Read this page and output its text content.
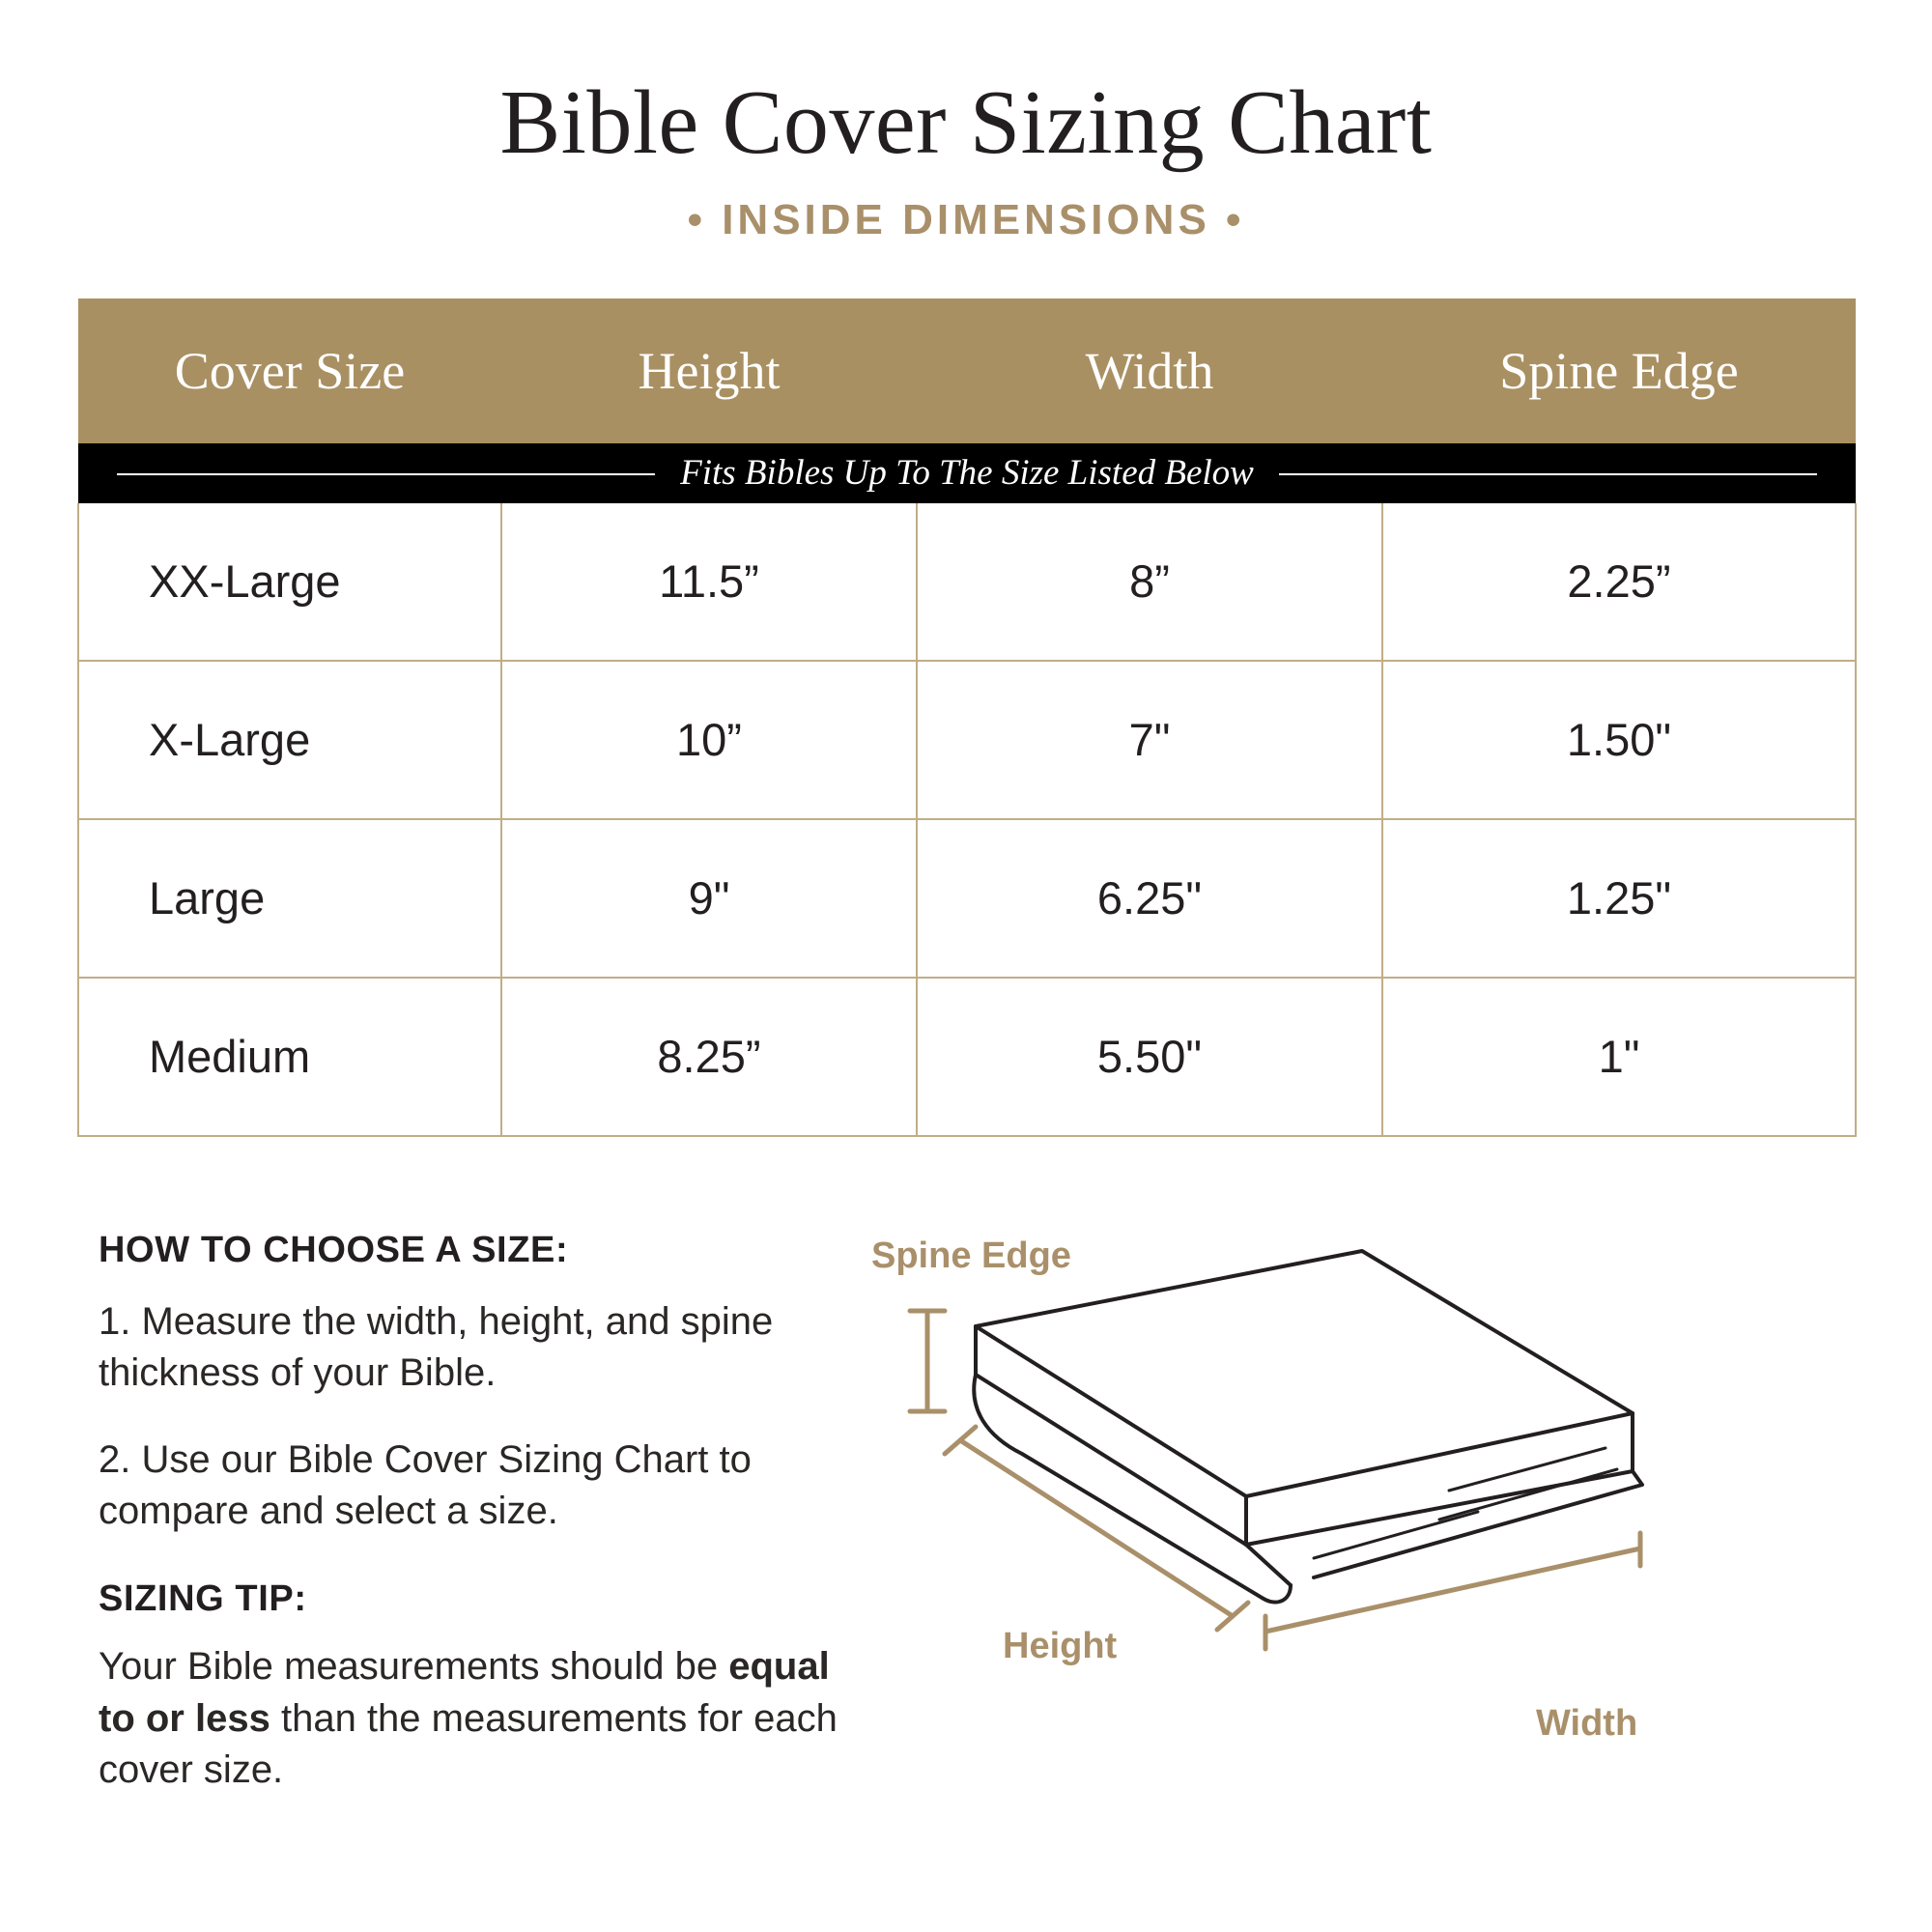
Bible Cover Sizing Chart
• INSIDE DIMENSIONS •
Cover Size	Height	Width	Spine Edge

Fits Bibles Up To The Size Listed Below			

XX-Large	11.5”	8”	2.25”
X-Large	10”	7"	1.50"
Large	9"	6.25"	1.25"
Medium	8.25”	5.50"	1"
HOW TO CHOOSE A SIZE:

1. Measure the width, height, and spine thickness of your Bible.

2. Use our Bible Cover Sizing Chart to compare and select a size.

SIZING TIP:

Your Bible measurements should be equal to or less than the measurements for each cover size.

Spine Edge
Height
Width
